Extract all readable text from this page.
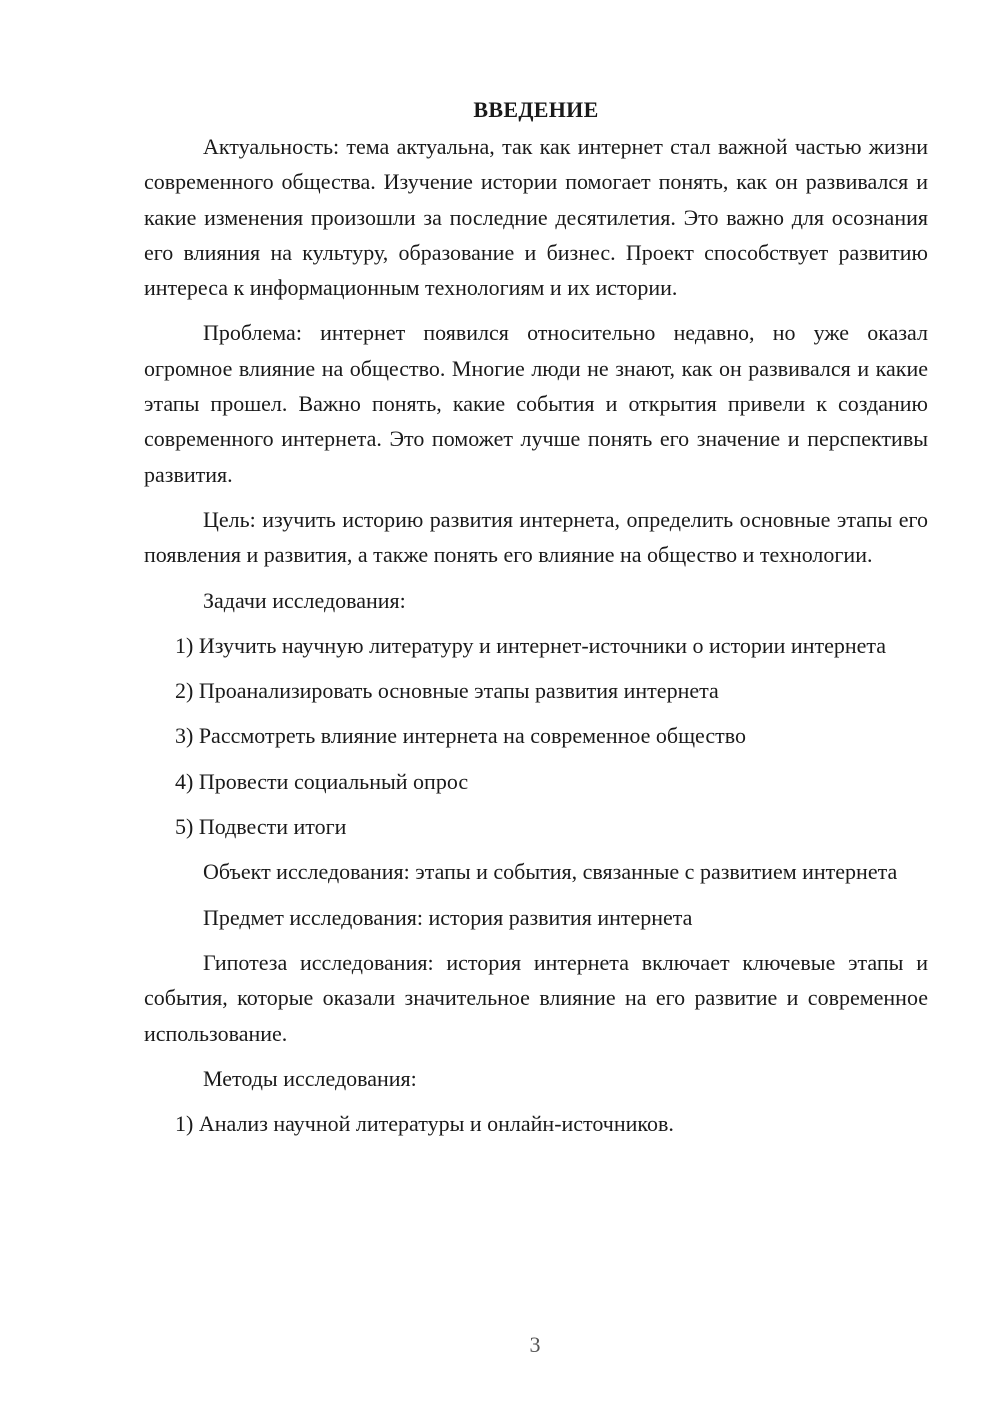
ВВЕДЕНИЕ

Актуальность: тема актуальна, так как интернет стал важной частью жизни современного общества. Изучение истории помогает понять, как он развивался и какие изменения произошли за последние десятилетия. Это важно для осознания его влияния на культуру, образование и бизнес. Проект способствует развитию интереса к информационным технологиям и их истории.

Проблема: интернет появился относительно недавно, но уже оказал огромное влияние на общество. Многие люди не знают, как он развивался и какие этапы прошел. Важно понять, какие события и открытия привели к созданию современного интернета. Это поможет лучше понять его значение и перспективы развития.

Цель: изучить историю развития интернета, определить основные этапы его появления и развития, а также понять его влияние на общество и технологии.

Задачи исследования:

1) Изучить научную литературу и интернет-источники о истории интернета

2) Проанализировать основные этапы развития интернета

3) Рассмотреть влияние интернета на современное общество

4) Провести социальный опрос

5) Подвести итоги

Объект исследования: этапы и события, связанные с развитием интернета

Предмет исследования: история развития интернета

Гипотеза исследования: история интернета включает ключевые этапы и события, которые оказали значительное влияние на его развитие и современное использование.

Методы исследования:

1) Анализ научной литературы и онлайн-источников.

3
